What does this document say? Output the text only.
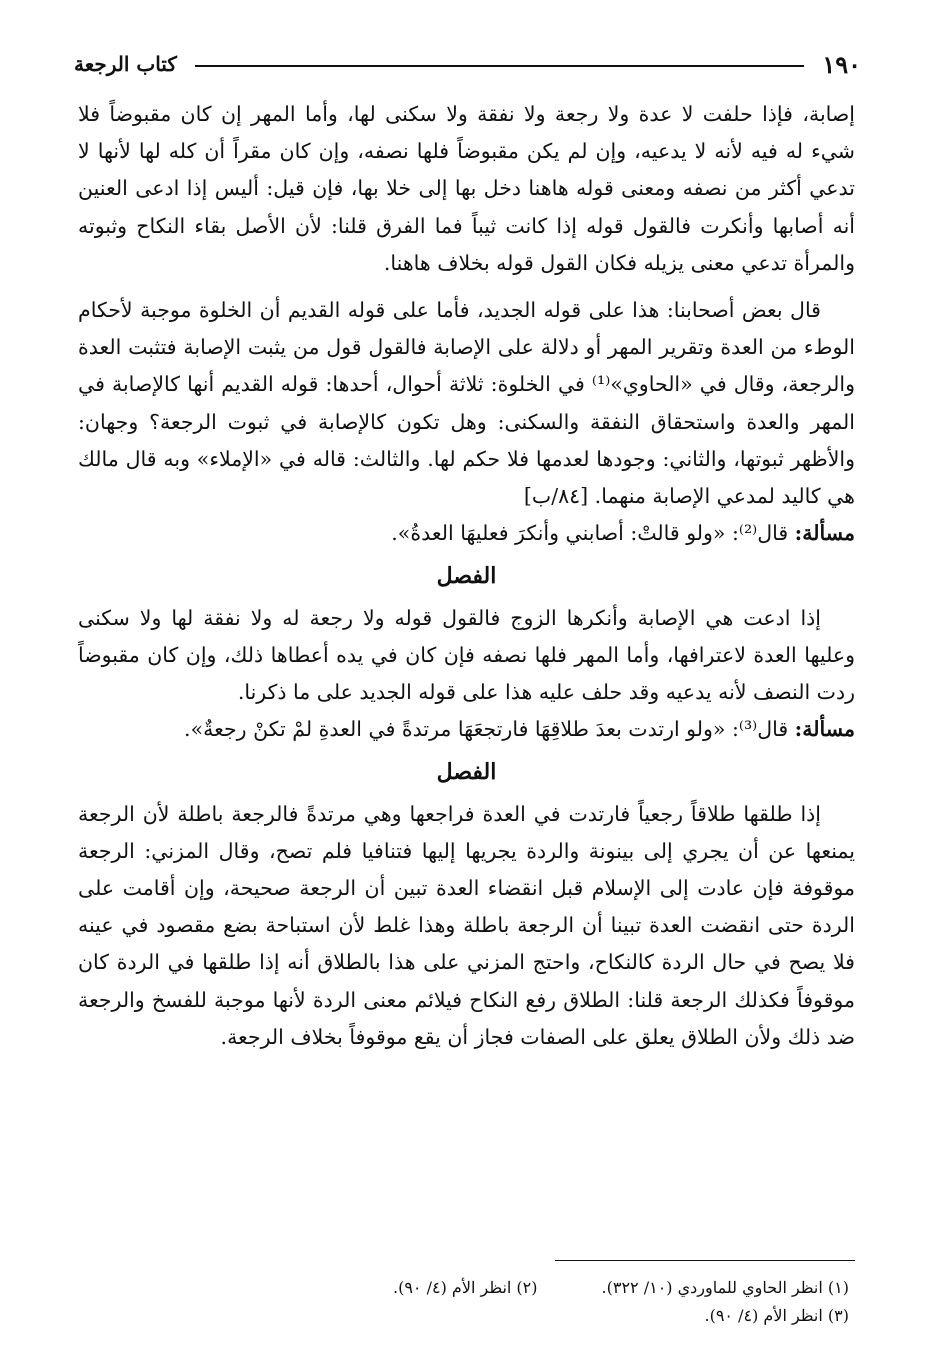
١٩٠
كتاب الرجعة

إصابة، فإذا حلفت لا عدة ولا رجعة ولا نفقة ولا سكنى لها، وأما المهر إن كان مقبوضاً فلا شيء له فيه لأنه لا يدعيه، وإن لم يكن مقبوضاً فلها نصفه، وإن كان مقراً أن كله لها لأنها لا تدعي أكثر من نصفه ومعنى قوله هاهنا دخل بها إلى خلا بها، فإن قيل: أليس إذا ادعى العنين أنه أصابها وأنكرت فالقول قوله إذا كانت ثيباً فما الفرق قلنا: لأن الأصل بقاء النكاح وثبوته والمرأة تدعي معنى يزيله فكان القول قوله بخلاف هاهنا.

قال بعض أصحابنا: هذا على قوله الجديد، فأما على قوله القديم أن الخلوة موجبة لأحكام الوطء من العدة وتقرير المهر أو دلالة على الإصابة فالقول قول من يثبت الإصابة فتثبت العدة والرجعة، وقال في «الحاوي»⁽¹⁾ في الخلوة: ثلاثة أحوال، أحدها: قوله القديم أنها كالإصابة في المهر والعدة واستحقاق النفقة والسكنى: وهل تكون كالإصابة في ثبوت الرجعة؟ وجهان: والأظهر ثبوتها، والثاني: وجودها لعدمها فلا حكم لها. والثالث: قاله في «الإملاء» وبه قال مالك هي كاليد لمدعي الإصابة منهما. [٨٤/ب]

مسألة: قال⁽²⁾: «ولو قالتْ: أصابني وأنكرَ فعليهَا العدةُ».

الفصل

إذا ادعت هي الإصابة وأنكرها الزوج فالقول قوله ولا رجعة له ولا نفقة لها ولا سكنى وعليها العدة لاعترافها، وأما المهر فلها نصفه فإن كان في يده أعطاها ذلك، وإن كان مقبوضاً ردت النصف لأنه يدعيه وقد حلف عليه هذا على قوله الجديد على ما ذكرنا.

مسألة: قال⁽³⁾: «ولو ارتدت بعدَ طلاقِهَا فارتجعَهَا مرتدةً في العدةِ لمْ تكنْ رجعةٌ».

الفصل

إذا طلقها طلاقاً رجعياً فارتدت في العدة فراجعها وهي مرتدةً فالرجعة باطلة لأن الرجعة يمنعها عن أن يجري إلى بينونة والردة يجريها إليها فتنافيا فلم تصح، وقال المزني: الرجعة موقوفة فإن عادت إلى الإسلام قبل انقضاء العدة تبين أن الرجعة صحيحة، وإن أقامت على الردة حتى انقضت العدة تبينا أن الرجعة باطلة وهذا غلط لأن استباحة بضع مقصود في عينه فلا يصح في حال الردة كالنكاح، واحتج المزني على هذا بالطلاق أنه إذا طلقها في الردة كان موقوفاً فكذلك الرجعة قلنا: الطلاق رفع النكاح فيلائم معنى الردة لأنها موجبة للفسخ والرجعة ضد ذلك ولأن الطلاق يعلق على الصفات فجاز أن يقع موقوفاً بخلاف الرجعة.

(١) انظر الحاوي للماوردي (١٠/ ٣٢٢).
(٢) انظر الأم (٤/ ٩٠).
(٣) انظر الأم (٤/ ٩٠).
